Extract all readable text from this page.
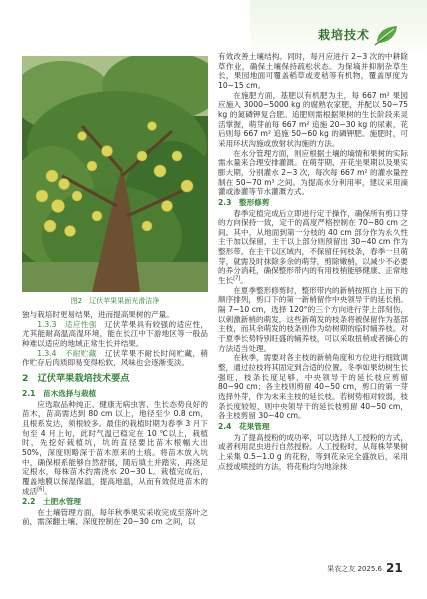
栽培技术
图2　辽伏苹果果面光滑洁净

独与栽培时更易结果，进而提高果树的产量。

1.3.3　适应性强　辽伏苹果具有较强的适应性，尤其能耐高温高湿环境，能在长江中下游地区等一般品种难以适应的地域正常生长并结果。

1.3.4　不耐贮藏　辽伏苹果不耐长时间贮藏，稍作贮存后肉质即易变得松软，风味也会逐渐变淡。

2　辽伏苹果栽培技术要点
2.1　苗木选择与栽植

应选取品种纯正、健康无病虫害、生长态势良好的苗木，苗高需达到 80 cm 以上，地径至少 0.8 cm，且根系发达，须根较多。最佳的栽植时期为春季 3 月下旬至 4 月上旬，此时气温已稳定在 10 ℃以上，栽植时，先挖好栽植坑，坑的直径要比苗木根幅大出 50%，深度则略深于苗木原来的土痕。将苗木放入坑中，确保根系能够自然舒展，随后填土并踏实，再浇足定根水，每株苗木约需浇水 20~30 L。栽植完成后，覆盖地膜以保湿保温，提高地温，从而有效促进苗木的成活[6]。

2.2　土肥水管理

在土壤管理方面，每年秋季果实采收完成至落叶之前，需深翻土壤，深度控制在 20~30 cm 之间，以

有效改善土壤结构。同时，每月应进行 2~3 次的中耕除草作业，确保土壤保持疏松状态。为保墒并抑制杂草生长，果园地面可覆盖稻草或麦秸等有机物，覆盖厚度为 10~15 cm。

在施肥方面，基肥以有机肥为主，每 667 m² 果园应施入 3000~5000 kg 的腐熟农家肥，并配以 50~75 kg 的氮磷钾复合肥。追肥则需根据果树的生长阶段来灵活掌握，萌芽前每 667 m² 追施 20~30 kg 的尿素，花后则每 667 m² 追施 50~60 kg 的磷钾肥。施肥时，可采用环状沟施或放射状沟施的方法。

在水分管理方面，则应根据土壤的墒情和果树的实际需水量来合理安排灌溉。在萌芽期、开花坐果期以及果实膨大期，分别灌水 2~3 次，每次每 667 m² 的灌水量控制在 50~70 m³ 之间。为提高水分利用率，建议采用滴灌或渗灌等节水灌溉方式。

2.3　整形修剪

春季定植完成后立即进行定干操作，确保所有剪口芽的方向保持一致，定干的高度严格控制在 70~80 cm 之间。其中，从地面到第一分枝的 40 cm 部分作为永久性主干加以保留，主干以上部分则预留出 30~40 cm 作为整形带。在主干以区域内，不保留任何枝条，春季一旦萌芽，就需及时抹除多余的萌芽，剪除嫩梢，以减少不必要的养分消耗，确保整形带内的有用枝梢能够健康、正常地生长[7]。

在夏季整形修剪时，整形带内的新梢按照自上而下的顺序排列，剪口下的第一新梢留作中央领导干的延长梢。隔 7~10 cm，选择 120°的三个方向进行芽上部刻伤，以刺激新梢的萌发，这些新萌发的枝条将被保留作为基部主枝，而其余萌发的枝条则作为幼树期的临时辅养枝。对于夏季长势特别旺盛的辅养枝，可以采取扭梢或者摘心的方法适当处理。

在秋季，需要对各主枝的新梢角度和方位进行细致调整，通过拉枝将其固定到合适的位置。冬季如果幼树生长强旺，枝条长度足够，中央领导干的延长枝应剪留 80~90 cm；各主枝则剪留 40~50 cm，剪口的第一芽选择外芽，作为未来主枝的延长枝。若树势相对较弱，枝条长度较短，则中央领导干的延长枝剪留 40~50 cm，各主枝剪留 30~40 cm。

2.4　花果管理

为了提高授粉的成功率，可以选择人工授粉的方式，或者利用昆虫进行自然授粉。人工授粉时，从每株苹果树上采集 0.5~1.0 g 的花粉，等到花朵完全盛放后，采用点授或喷授的方法，将花粉均匀地涂抹

果农之友 2025.6 21
